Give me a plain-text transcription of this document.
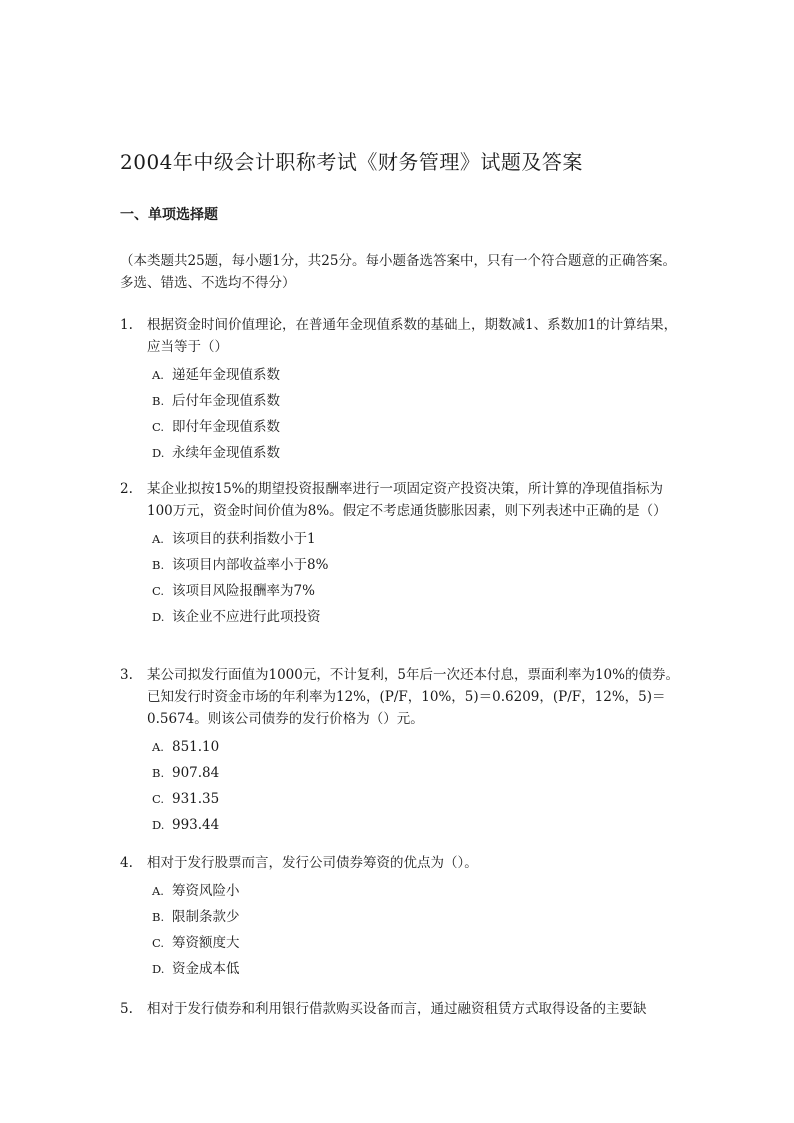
2004年中级会计职称考试《财务管理》试题及答案
一、单项选择题
（本类题共25题，每小题1分，共25分。每小题备选答案中，只有一个符合题意的正确答案。多选、错选、不选均不得分）
1.	根据资金时间价值理论，在普通年金现值系数的基础上，期数减1、系数加1的计算结果，应当等于（）
A. 递延年金现值系数
B. 后付年金现值系数
C. 即付年金现值系数
D. 永续年金现值系数
2.	某企业拟按15%的期望投资报酬率进行一项固定资产投资决策，所计算的净现值指标为100万元，资金时间价值为8%。假定不考虑通货膨胀因素，则下列表述中正确的是（）
A. 该项目的获利指数小于1
B. 该项目内部收益率小于8%
C. 该项目风险报酬率为7%
D. 该企业不应进行此项投资
3.	某公司拟发行面值为1000元，不计复利，5年后一次还本付息，票面利率为10%的债券。已知发行时资金市场的年利率为12%，(P/F，10%，5)＝0.6209，(P/F，12%，5)＝0.5674。则该公司债券的发行价格为（）元。
A. 851.10
B. 907.84
C. 931.35
D. 993.44
4.	相对于发行股票而言，发行公司债券筹资的优点为（）。
A. 筹资风险小
B. 限制条款少
C. 筹资额度大
D. 资金成本低
5.	相对于发行债券和利用银行借款购买设备而言，通过融资租赁方式取得设备的主要缺
